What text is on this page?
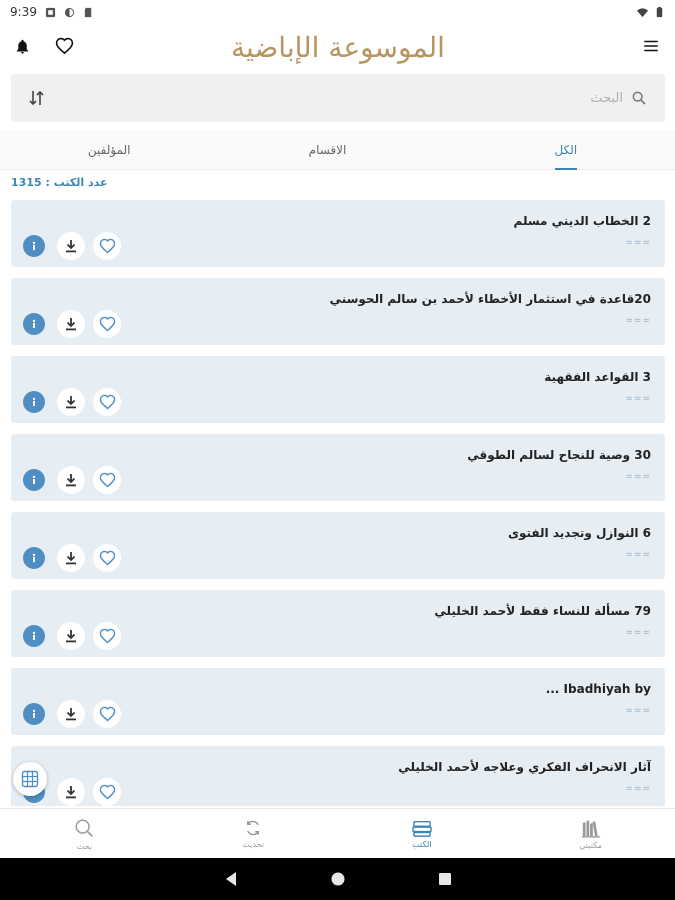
9:39
الموسوعة الإباضية
البحث
الكل
الاقسام
المؤلفين
عدد الكتب : 1315
2 الخطاب الديني مسلم
===
20قاعدة في استثمار الأخطاء لأحمد بن سالم الحوسني
===
3 القواعد الفقهية
===
30 وصية للنجاح لسالم الطوقي
===
6 النوازل وتجديد الفتوى
===
79 مسألة للنساء فقط لأحمد الخليلي
===
Ibadhiyah by ...
===
آثار الانحراف الفكري وعلاجه لأحمد الخليلي
===
بحث	تحديث	الكتب	مكتبتي
